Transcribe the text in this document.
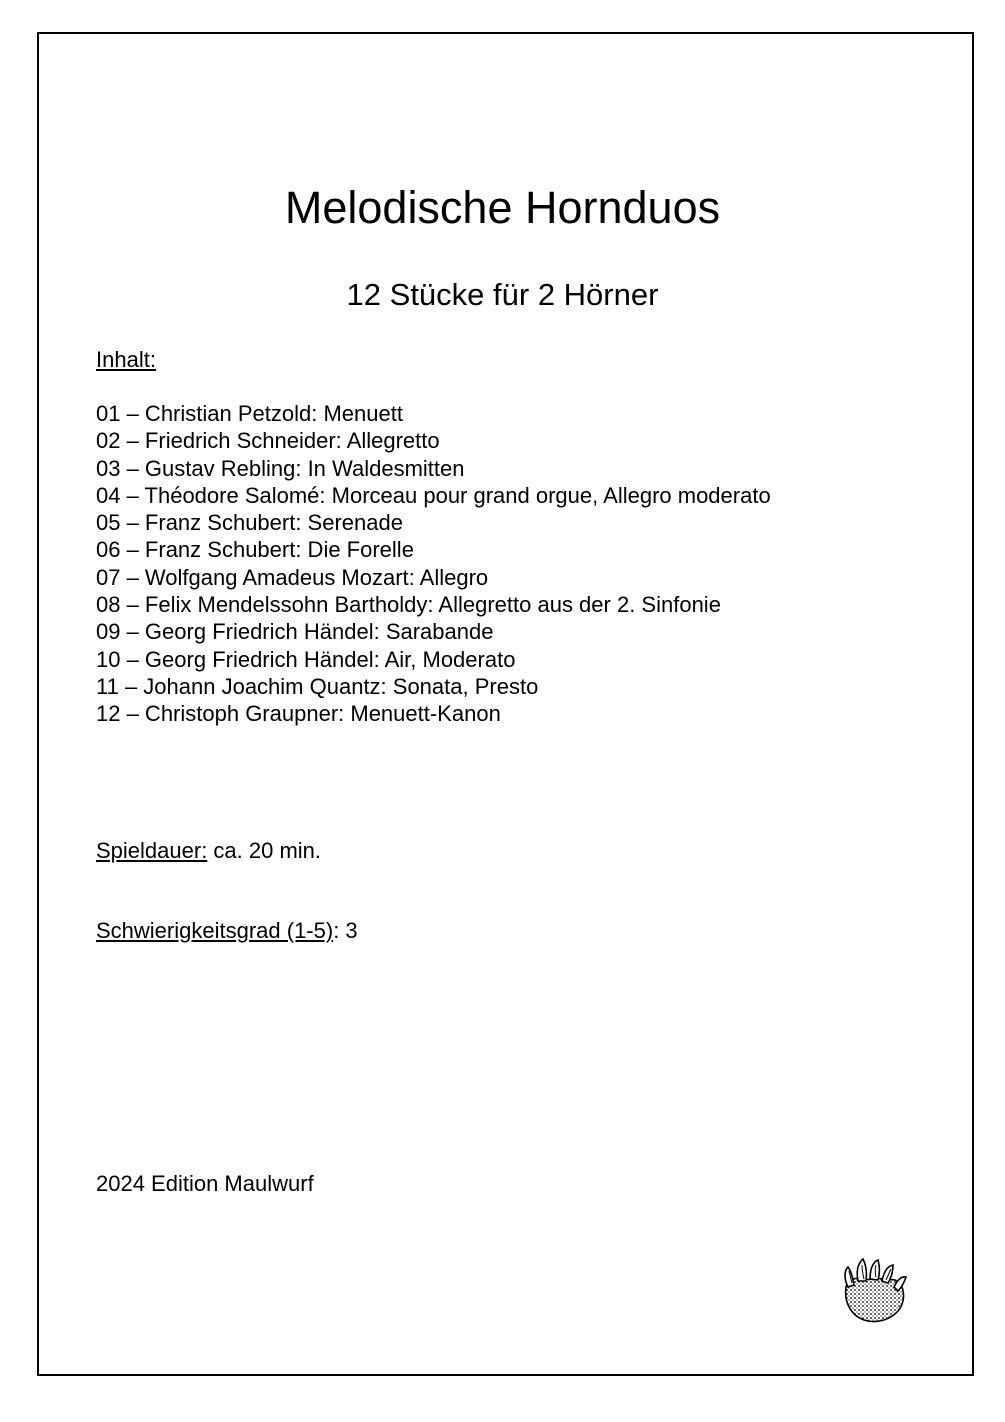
Melodische Hornduos
12 Stücke für 2 Hörner
Inhalt:
01 – Christian Petzold: Menuett
02 – Friedrich Schneider: Allegretto
03 – Gustav Rebling: In Waldesmitten
04 – Théodore Salomé: Morceau pour grand orgue, Allegro moderato
05 – Franz Schubert: Serenade
06 – Franz Schubert: Die Forelle
07 – Wolfgang Amadeus Mozart: Allegro
08 – Felix Mendelssohn Bartholdy: Allegretto aus der 2. Sinfonie
09 – Georg Friedrich Händel: Sarabande
10 – Georg Friedrich Händel: Air, Moderato
11 – Johann Joachim Quantz: Sonata, Presto
12 – Christoph Graupner: Menuett-Kanon
Spieldauer: ca. 20 min.
Schwierigkeitsgrad (1-5): 3
2024 Edition Maulwurf
